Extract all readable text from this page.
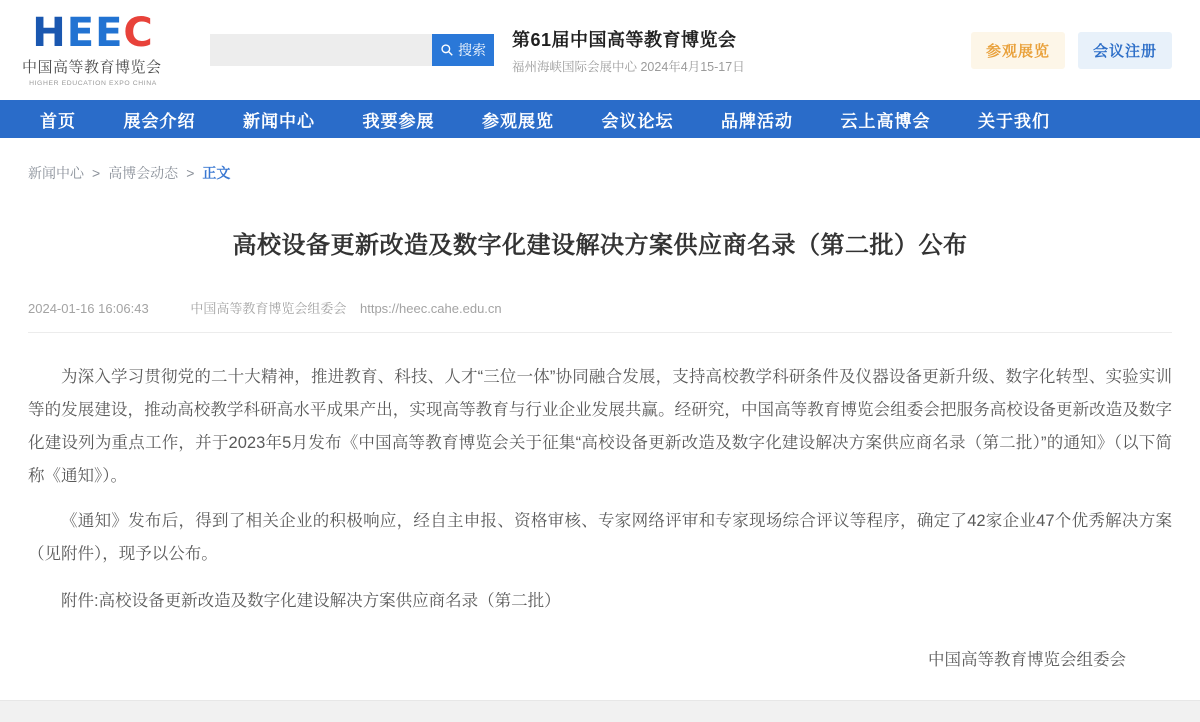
HEEC
中国高等教育博览会
HIGHER EDUCATION EXPO CHINA
搜索
第61届中国高等教育博览会
福州海峡国际会展中心 2024年4月15-17日
参观展览	会议注册
首页	展会介绍	新闻中心	我要参展	参观展览	会议论坛	品牌活动	云上高博会	关于我们
新闻中心 > 高博会动态 > 正文
高校设备更新改造及数字化建设解决方案供应商名录（第二批）公布
2024-01-16 16:06:43	中国高等教育博览会组委会 https://heec.cahe.edu.cn

为深入学习贯彻党的二十大精神，推进教育、科技、人才“三位一体”协同融合发展，支持高校教学科研条件及仪器设备更新升级、数字化转型、实验实训等的发展建设，推动高校教学科研高水平成果产出，实现高等教育与行业企业发展共赢。经研究，中国高等教育博览会组委会把服务高校设备更新改造及数字化建设列为重点工作，并于2023年5月发布《中国高等教育博览会关于征集“高校设备更新改造及数字化建设解决方案供应商名录（第二批）”的通知》（以下简称《通知》）。

《通知》发布后，得到了相关企业的积极响应，经自主申报、资格审核、专家网络评审和专家现场综合评议等程序，确定了42家企业47个优秀解决方案（见附件），现予以公布。

附件:高校设备更新改造及数字化建设解决方案供应商名录（第二批）
中国高等教育博览会组委会
